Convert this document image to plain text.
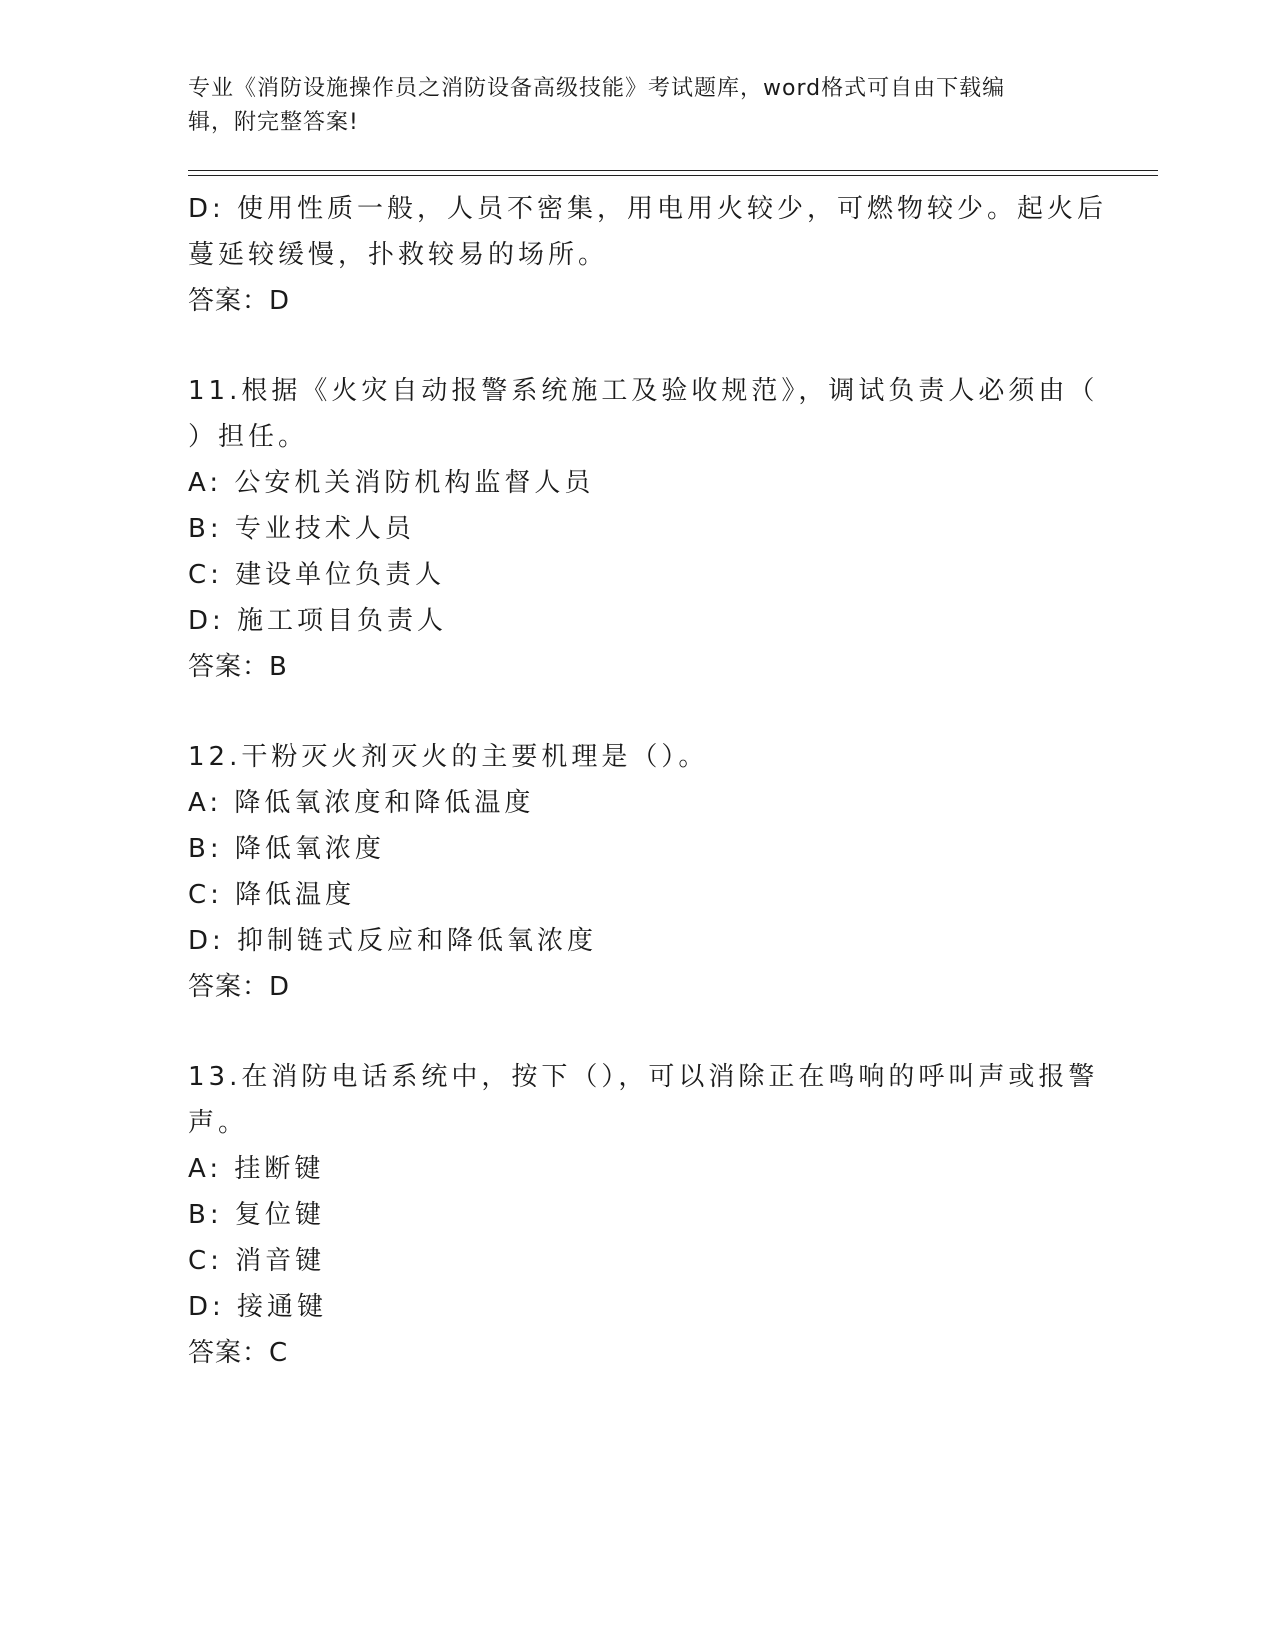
专业《消防设施操作员之消防设备高级技能》考试题库，word格式可自由下载编
辑，附完整答案!
D: 使用性质一般，人员不密集，用电用火较少，可燃物较少。起火后
蔓延较缓慢，扑救较易的场所。
答案：D
11.根据《火灾自动报警系统施工及验收规范》，调试负责人必须由（
）担任。
A: 公安机关消防机构监督人员
B: 专业技术人员
C: 建设单位负责人
D: 施工项目负责人
答案：B
12.干粉灭火剂灭火的主要机理是（）。
A: 降低氧浓度和降低温度
B: 降低氧浓度
C: 降低温度
D: 抑制链式反应和降低氧浓度
答案：D
13.在消防电话系统中，按下（），可以消除正在鸣响的呼叫声或报警
声。
A: 挂断键
B: 复位键
C: 消音键
D: 接通键
答案：C
